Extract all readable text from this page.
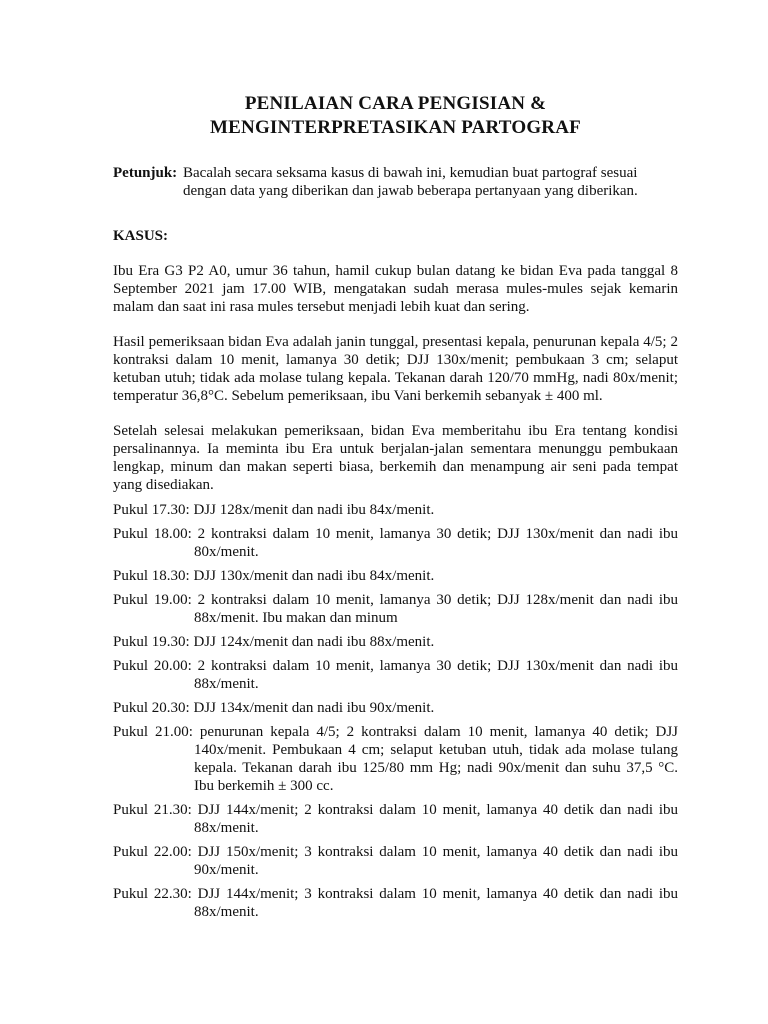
PENILAIAN CARA PENGISIAN &
MENGINTERPRETASIKAN PARTOGRAF
Petunjuk: Bacalah secara seksama kasus di bawah ini, kemudian buat partograf sesuai dengan data yang diberikan dan jawab beberapa pertanyaan yang diberikan.
KASUS:

Ibu Era G3 P2 A0, umur 36 tahun, hamil cukup bulan datang ke bidan Eva pada tanggal 8 September 2021 jam 17.00 WIB, mengatakan sudah merasa mules-mules sejak kemarin malam dan saat ini rasa mules tersebut menjadi lebih kuat dan sering.

Hasil pemeriksaan bidan Eva adalah janin tunggal, presentasi kepala, penurunan kepala 4/5; 2 kontraksi dalam 10 menit, lamanya 30 detik; DJJ 130x/menit; pembukaan 3 cm; selaput ketuban utuh; tidak ada molase tulang kepala. Tekanan darah 120/70 mmHg, nadi 80x/menit; temperatur 36,8°C. Sebelum pemeriksaan, ibu Vani berkemih sebanyak ± 400 ml.

Setelah selesai melakukan pemeriksaan, bidan Eva memberitahu ibu Era tentang kondisi persalinannya. Ia meminta ibu Era untuk berjalan-jalan sementara menunggu pembukaan lengkap, minum dan makan seperti biasa, berkemih dan menampung air seni pada tempat yang disediakan.

Pukul 17.30: DJJ 128x/menit dan nadi ibu 84x/menit.
Pukul 18.00: 2 kontraksi dalam 10 menit, lamanya 30 detik; DJJ 130x/menit dan nadi ibu 80x/menit.
Pukul 18.30: DJJ 130x/menit dan nadi ibu 84x/menit.
Pukul 19.00: 2 kontraksi dalam 10 menit, lamanya 30 detik; DJJ 128x/menit dan nadi ibu 88x/menit. Ibu makan dan minum
Pukul 19.30: DJJ 124x/menit dan nadi ibu 88x/menit.
Pukul 20.00: 2 kontraksi dalam 10 menit, lamanya 30 detik; DJJ 130x/menit dan nadi ibu 88x/menit.
Pukul 20.30: DJJ 134x/menit dan nadi ibu 90x/menit.
Pukul 21.00: penurunan kepala 4/5; 2 kontraksi dalam 10 menit, lamanya 40 detik; DJJ 140x/menit. Pembukaan 4 cm; selaput ketuban utuh, tidak ada molase tulang kepala. Tekanan darah ibu 125/80 mm Hg; nadi 90x/menit dan suhu 37,5 °C. Ibu berkemih ± 300 cc.
Pukul 21.30: DJJ 144x/menit; 2 kontraksi dalam 10 menit, lamanya 40 detik dan nadi ibu 88x/menit.
Pukul 22.00: DJJ 150x/menit; 3 kontraksi dalam 10 menit, lamanya 40 detik dan nadi ibu 90x/menit.
Pukul 22.30: DJJ 144x/menit; 3 kontraksi dalam 10 menit, lamanya 40 detik dan nadi ibu 88x/menit.
